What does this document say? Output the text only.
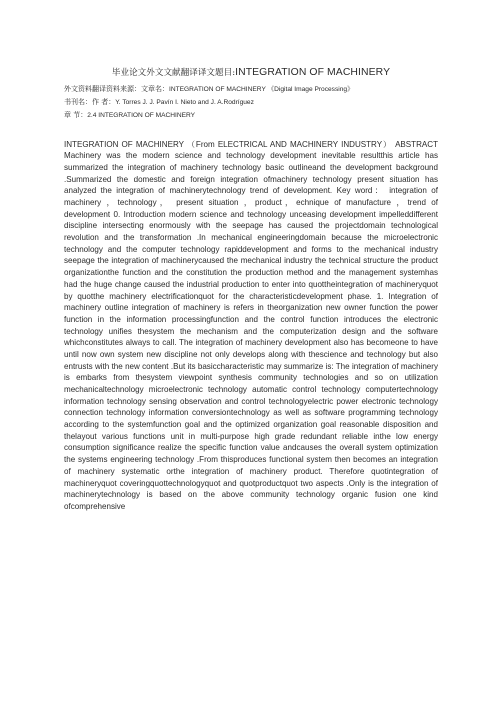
毕业论文外文文献翻译译文题目:INTEGRATION OF MACHINERY
外文资料翻译资料来源：文章名：INTEGRATION OF MACHINERY 《Digital Image Processing》
书刊名：作 者：Y. Torres J. J. Pavín I. Nieto and J. A.Rodríguez
章 节：2.4 INTEGRATION OF MACHINERY

INTEGRATION OF MACHINERY （From ELECTRICAL AND MACHINERY INDUSTRY） ABSTRACT Machinery was the modern science and technology development inevitable resultthis article has summarized the integration of machinery technology basic outlineand the development background .Summarized the domestic and foreign integration ofmachinery technology present situation has analyzed the integration of machinerytechnology trend of development. Key word： integration of machinery ，technology， present situation ，product，echnique of manufacture ，trend of development 0. Introduction modern science and technology unceasing development impelleddifferent discipline intersecting enormously with the seepage has caused the projectdomain technological revolution and the transformation .In mechanical engineeringdomain because the microelectronic technology and the computer technology rapiddevelopment and forms to the mechanical industry seepage the integration of machinerycaused the mechanical industry the technical structure the product organizationthe function and the constitution the production method and the management systemhas had the huge change caused the industrial production to enter into quottheintegration of machineryquot by quotthe machinery electrificationquot for the characteristicdevelopment phase. 1. Integration of machinery outline integration of machinery is refers in theorganization new owner function the power function in the information processingfunction and the control function introduces the electronic technology unifies thesystem the mechanism and the computerization design and the software whichconstitutes always to call. The integration of machinery development also has becomeone to have until now own system new discipline not only develops along with thescience and technology but also entrusts with the new content .But its basiccharacteristic may summarize is: The integration of machinery is embarks from thesystem viewpoint synthesis community technologies and so on utilization mechanicaltechnology microelectronic technology automatic control technology computertechnology information technology sensing observation and control technologyelectric power electronic technology connection technology information conversiontechnology as well as software programming technology according to the systemfunction goal and the optimized organization goal reasonable disposition and thelayout various functions unit in multi-purpose high grade redundant reliable inthe low energy consumption significance realize the specific function value andcauses the overall system optimization the systems engineering technology .From thisproduces functional system then becomes an integration of machinery systematic orthe integration of machinery product. Therefore quotintegration of machineryquot coveringquottechnologyquot and quotproductquot two aspects .Only is the integration of machinerytechnology is based on the above community technology organic fusion one kind ofcomprehensive
